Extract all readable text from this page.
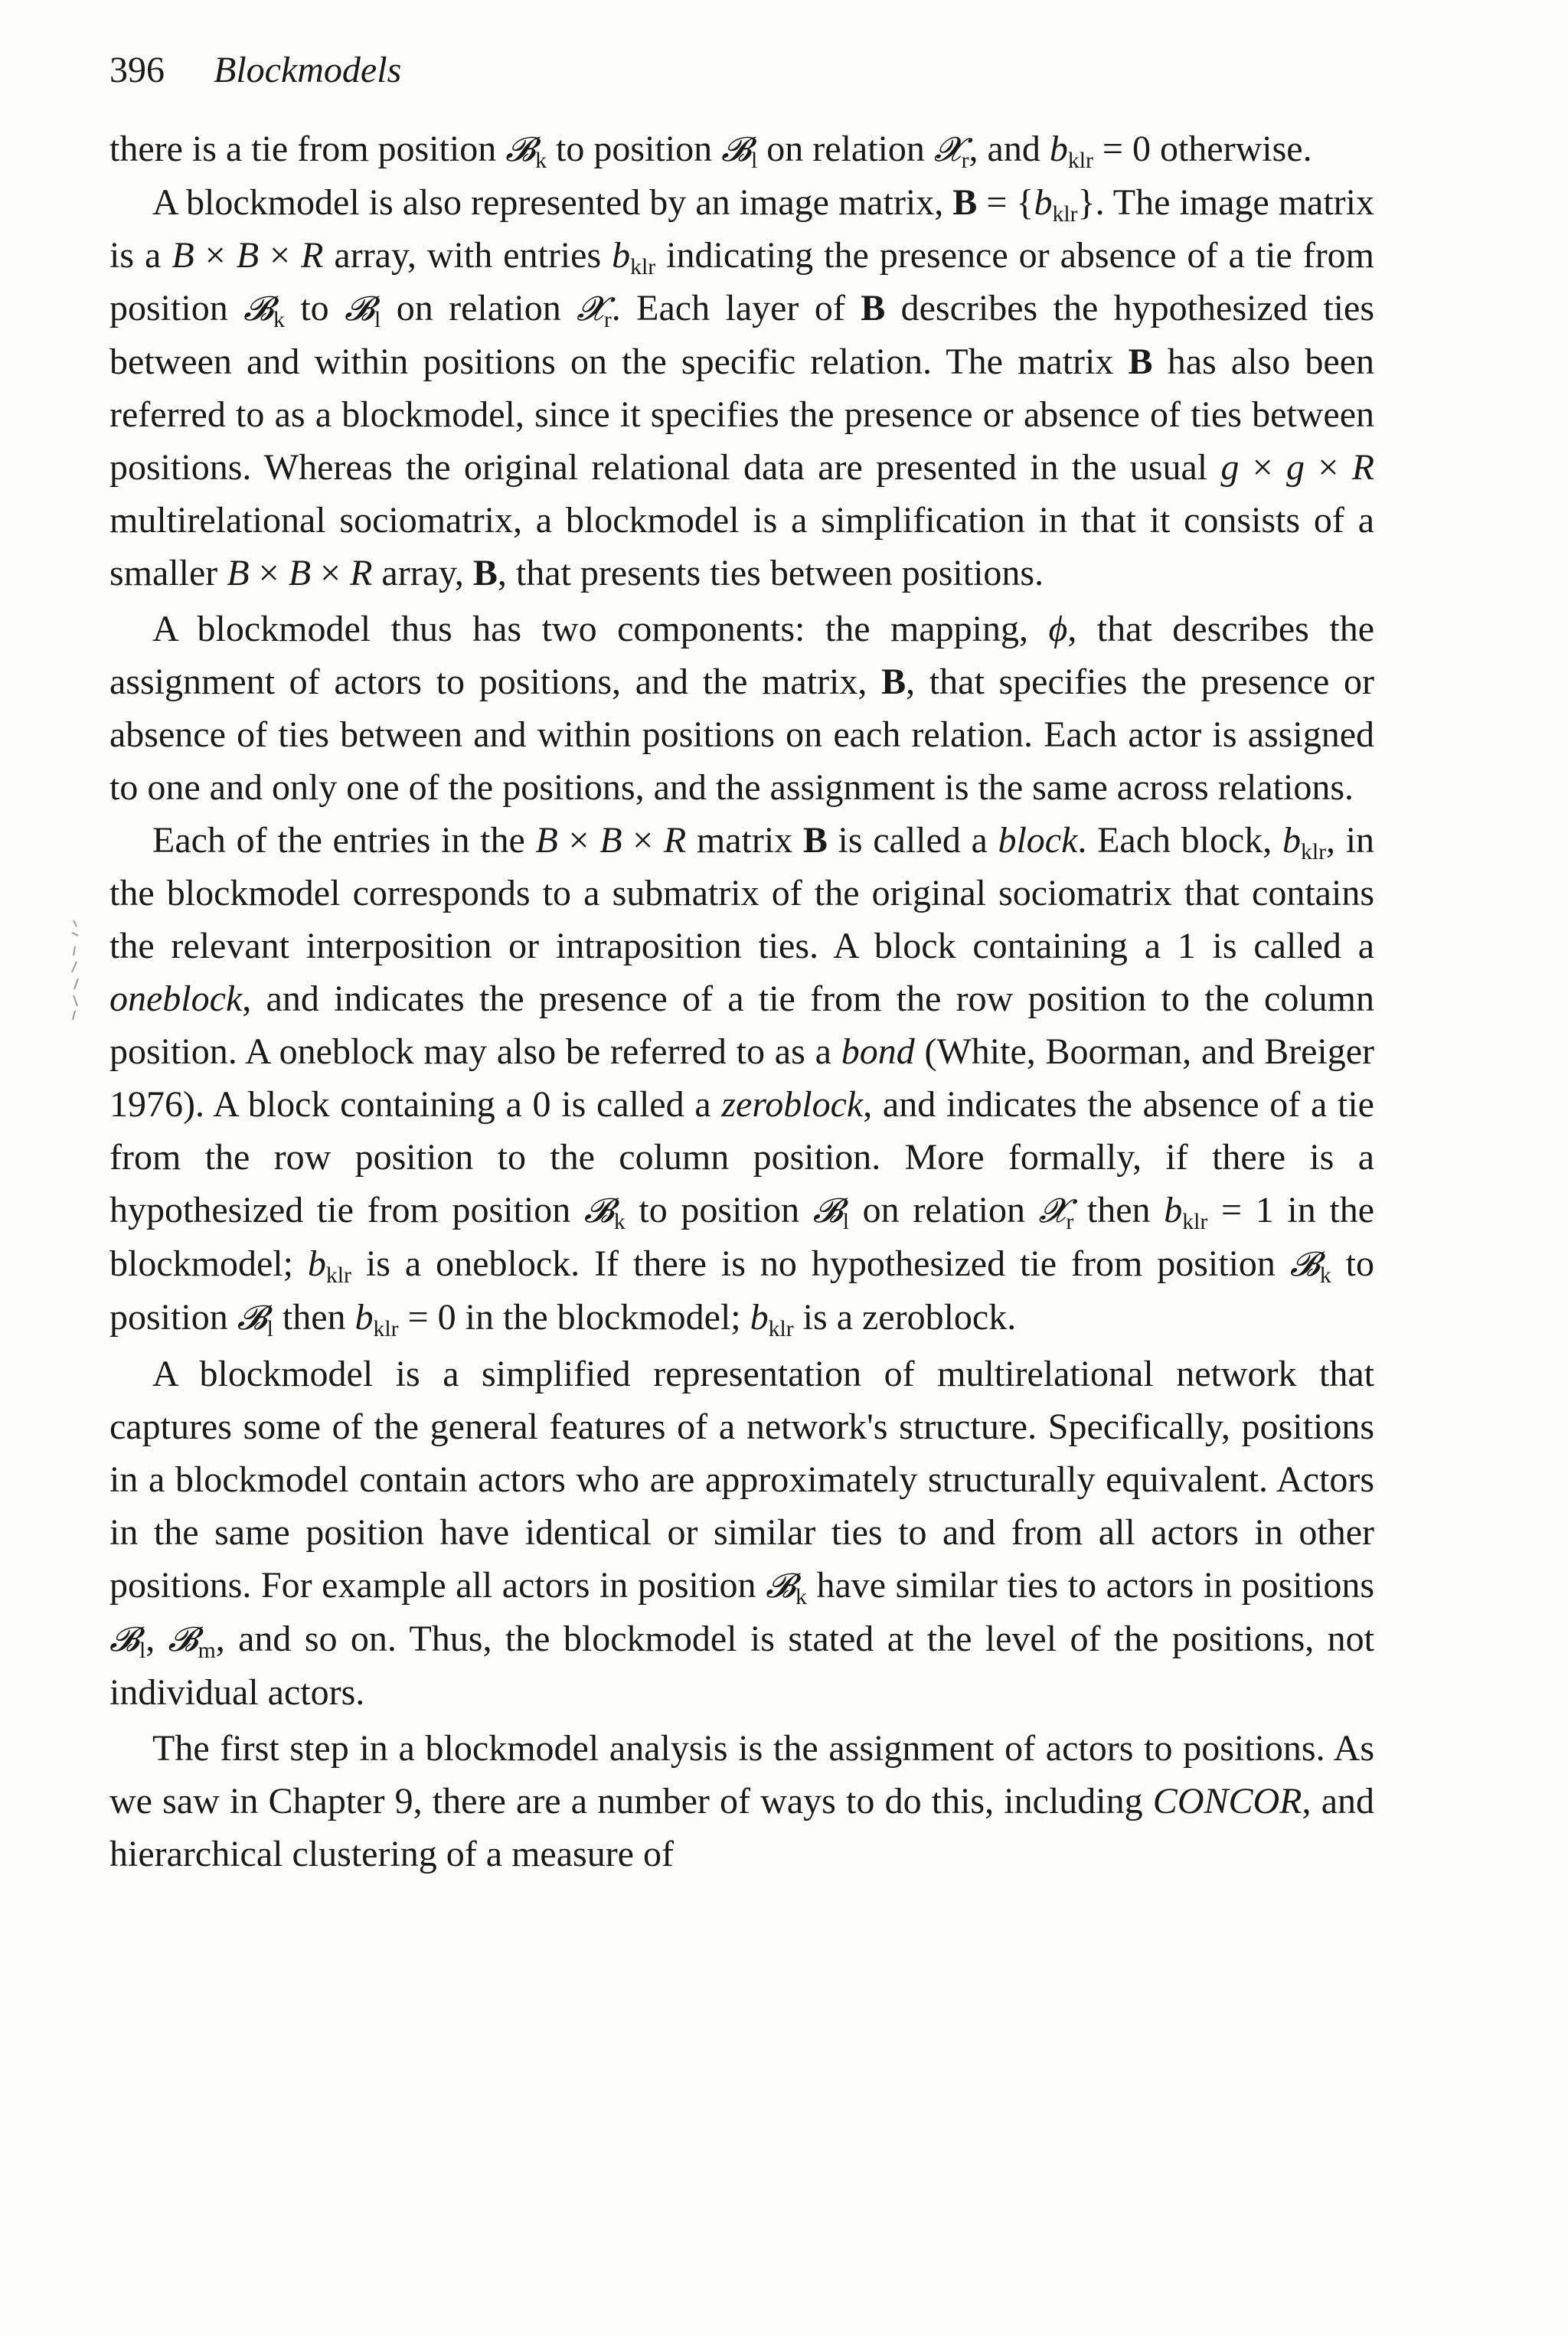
396 Blockmodels

there is a tie from position 𝓑$_k$ to position 𝓑$_l$ on relation 𝓧$_r$, and $b_{klr} = 0$ otherwise.

A blockmodel is also represented by an image matrix, $B = \{b_{klr}\}$. The image matrix is a B × B × R array, with entries $b_{klr}$ indicating the presence or absence of a tie from position 𝓑$_k$ to 𝓑$_l$ on relation 𝓧$_r$. Each layer of B describes the hypothesized ties between and within positions on the specific relation. The matrix B has also been referred to as a blockmodel, since it specifies the presence or absence of ties between positions. Whereas the original relational data are presented in the usual g × g × R multirelational sociomatrix, a blockmodel is a simplification in that it consists of a smaller B × B × R array, B, that presents ties between positions.

A blockmodel thus has two components: the mapping, ϕ, that describes the assignment of actors to positions, and the matrix, B, that specifies the presence or absence of ties between and within positions on each relation. Each actor is assigned to one and only one of the positions, and the assignment is the same across relations.

Each of the entries in the B × B × R matrix B is called a block. Each block, $b_{klr}$, in the blockmodel corresponds to a submatrix of the original sociomatrix that contains the relevant interposition or intraposition ties. A block containing a 1 is called a oneblock, and indicates the presence of a tie from the row position to the column position. A oneblock may also be referred to as a bond (White, Boorman, and Breiger 1976). A block containing a 0 is called a zeroblock, and indicates the absence of a tie from the row position to the column position. More formally, if there is a hypothesized tie from position 𝓑$_k$ to position 𝓑$_l$ on relation 𝓧$_r$ then $b_{klr} = 1$ in the blockmodel; $b_{klr}$ is a oneblock. If there is no hypothesized tie from position 𝓑$_k$ to position 𝓑$_l$ then $b_{klr} = 0$ in the blockmodel; $b_{klr}$ is a zeroblock.

A blockmodel is a simplified representation of multirelational network that captures some of the general features of a network's structure. Specifically, positions in a blockmodel contain actors who are approximately structurally equivalent. Actors in the same position have identical or similar ties to and from all actors in other positions. For example all actors in position 𝓑$_k$ have similar ties to actors in positions 𝓑$_l$, 𝓑$_m$, and so on. Thus, the blockmodel is stated at the level of the positions, not individual actors.

The first step in a blockmodel analysis is the assignment of actors to positions. As we saw in Chapter 9, there are a number of ways to do this, including CONCOR, and hierarchical clustering of a measure of
